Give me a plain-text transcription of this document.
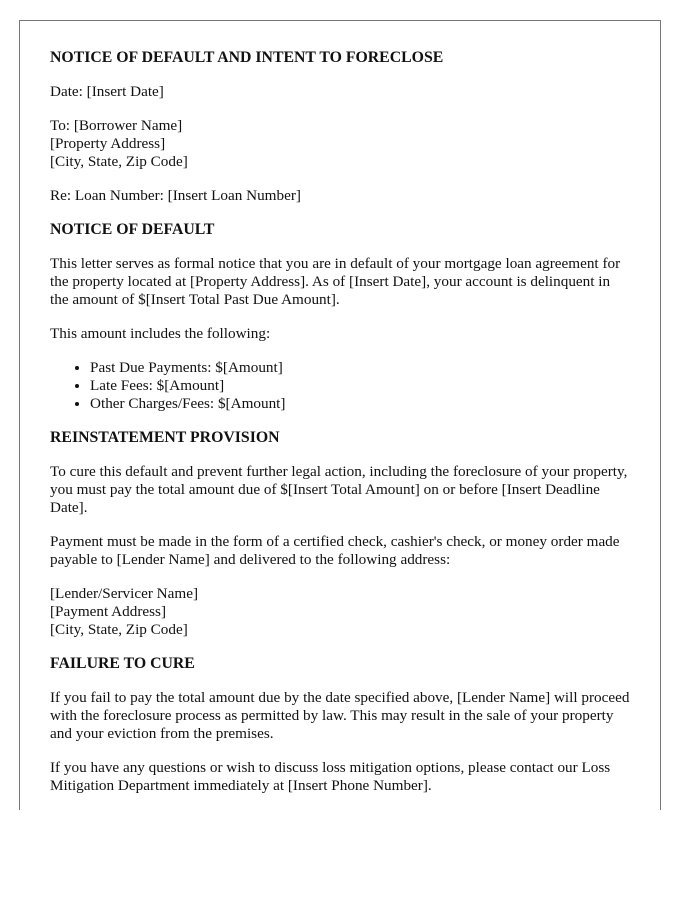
NOTICE OF DEFAULT AND INTENT TO FORECLOSE

Date: [Insert Date]

To: [Borrower Name]
[Property Address]
[City, State, Zip Code]

Re: Loan Number: [Insert Loan Number]

NOTICE OF DEFAULT

This letter serves as formal notice that you are in default of your mortgage loan agreement for the property located at [Property Address]. As of [Insert Date], your account is delinquent in the amount of $[Insert Total Past Due Amount].

This amount includes the following:

• Past Due Payments: $[Amount]
• Late Fees: $[Amount]
• Other Charges/Fees: $[Amount]
REINSTATEMENT PROVISION

To cure this default and prevent further legal action, including the foreclosure of your property, you must pay the total amount due of $[Insert Total Amount] on or before [Insert Deadline Date].

Payment must be made in the form of a certified check, cashier's check, or money order made payable to [Lender Name] and delivered to the following address:

[Lender/Servicer Name]
[Payment Address]
[City, State, Zip Code]

FAILURE TO CURE

If you fail to pay the total amount due by the date specified above, [Lender Name] will proceed with the foreclosure process as permitted by law. This may result in the sale of your property and your eviction from the premises.

If you have any questions or wish to discuss loss mitigation options, please contact our Loss Mitigation Department immediately at [Insert Phone Number].
